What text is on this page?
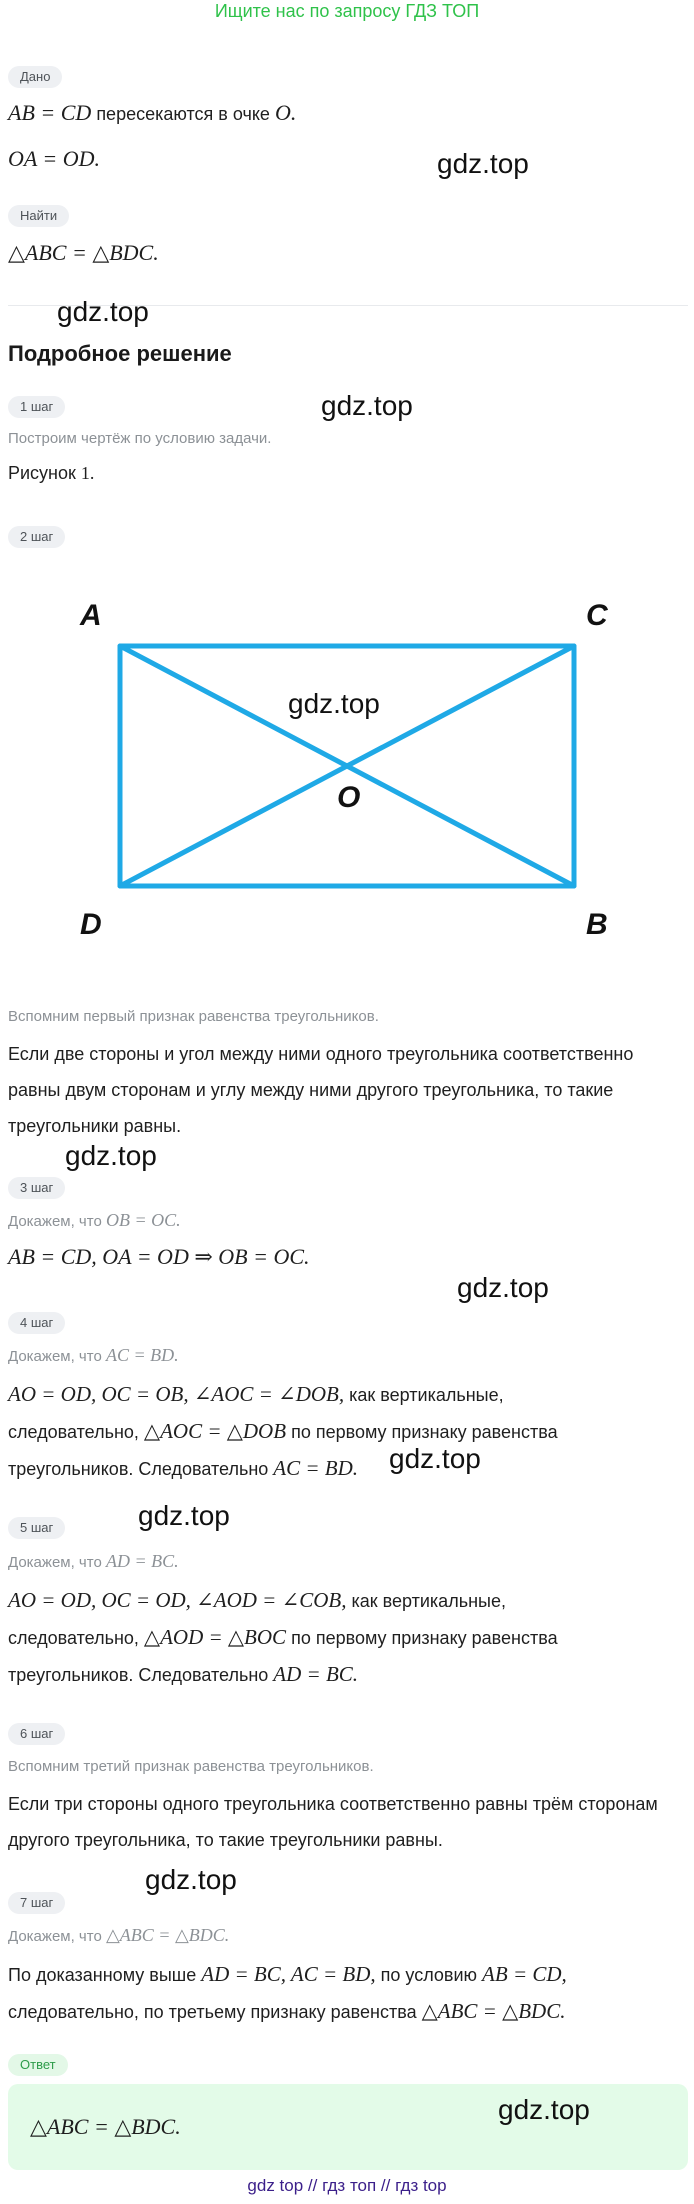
Ищите нас по запросу ГДЗ ТОП
Дано
AB = CD пересекаются в очке O.
OA = OD.	gdz.top
Найти
△ABC = △BDC.
gdz.top
Подробное решение
1 шаг	gdz.top
Построим чертёж по условию задачи.
Рисунок 1.
2 шаг
A	C
D	B
O
gdz.top
Вспомним первый признак равенства треугольников.
Если две стороны и угол между ними одного треугольника соответственно
равны двум сторонам и углу между ними другого треугольника, то такие
треугольники равны.
gdz.top
3 шаг
Докажем, что OB = OC.
AB = CD, OA = OD ⇒ OB = OC.
gdz.top
4 шаг
Докажем, что AC = BD.
AO = OD, OC = OB, ∠AOC = ∠DOB, как вертикальные,
следовательно, △AOC = △DOB по первому признаку равенства
треугольников. Следовательно AC = BD.	gdz.top
gdz.top
5 шаг
Докажем, что AD = BC.
AO = OD, OC = OD, ∠AOD = ∠COB, как вертикальные,
следовательно, △AOD = △BOC по первому признаку равенства
треугольников. Следовательно AD = BC.
6 шаг
Вспомним третий признак равенства треугольников.
Если три стороны одного треугольника соответственно равны трём сторонам
другого треугольника, то такие треугольники равны.
gdz.top
7 шаг
Докажем, что △ABC = △BDC.
По доказанному выше AD = BC, AC = BD, по условию AB = CD,
следовательно, по третьему признаку равенства △ABC = △BDC.
Ответ
△ABC = △BDC.
gdz.top
gdz top // гдз топ // гдз top
